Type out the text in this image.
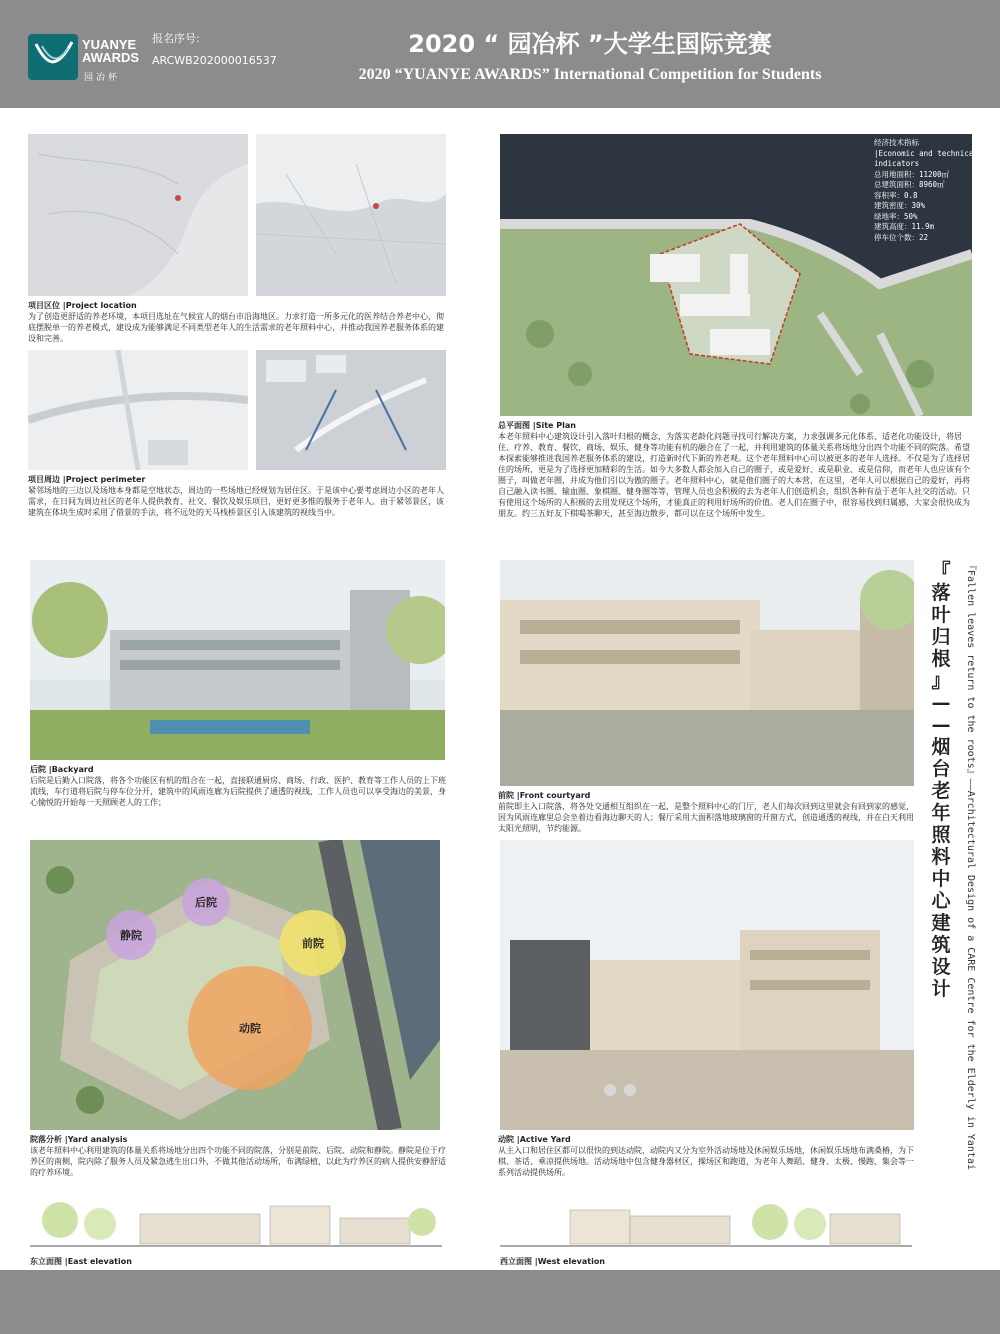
YUANYE
AWARDS
园冶杯
报名序号:
ARCWB202000016537
2020 “ 园冶杯 ”大学生国际竞赛
2020 “YUANYE AWARDS” International Competition for Students
项目区位 |Project location
为了创造更舒适的养老环境，本项目选址在气候宜人的烟台市沿海地区。力求打造一所多元化的医养结合养老中心，彻底摆脱单一的养老模式，建设成为能够满足不同类型老年人的生活需求的老年照料中心，并推动我国养老服务体系的建设和完善。
项目周边 |Project perimeter
紧邻场地的三边以及场地本身都是空地状态，周边的一些场地已经规划为居住区。于是该中心要考虑周边小区的老年人需求，在日间为周边社区的老年人提供教育、社交、餐饮及娱乐项目，更好更多惟的服务于老年人。由于紧邻景区，该建筑在体块生成时采用了借景的手法，将不远处的天马栈桥景区引入该建筑的视线当中。
经济技术指标
|Economic and technical indicators
总用地面积：11200㎡
总建筑面积：8960㎡
容积率：0.8
建筑密度：30%
绿地率：50%
建筑高度：11.9m
停车位个数：22
总平面图 |Site Plan
本老年照料中心建筑设计引入落叶归根的概念，为落实老龄化问题寻找可行解决方案，力求强调多元化体系、适老化功能设计，将居住、疗养、教育、餐饮、商场、娱乐、健身等功能有机的融合在了一起，并利用建筑的体量关系将场地分出四个功能不同的院落。希望本探索能够推进我国养老服务体系的建设，打造新时代下新的养老观。这个老年照料中心可以被更多的老年人选择。不仅是为了选择居住的场所，更是为了选择更加精彩的生活。如今大多数人都会加入自己的圈子，或是爱好、或是职业、或是信仰，而老年人也应该有个圈子，叫做老年圈，并成为他们引以为傲的圈子。老年照料中心，就是他们圈子的大本营，在这里，老年人可以根据自己的爱好，再将自己融入读书圈、输血圈、象棋圈、健身圈等等，管理人员也会积极的去为老年人们创造机会，组织各种有益于老年人社交的活动。只有使用这个场所的人积极的去用发现这个场所，才能真正的利用好场所的价值。老人们在圈子中，很容易找到归属感，大家会很快成为朋友。约三五好友下棋喝茶聊天，甚至海边散步，都可以在这个场所中发生。
后院 |Backyard
后院是后勤入口院落，将各个功能区有机的组合在一起，直接联通厨房、商场、行政、医护、教育等工作人员的上下班流线，车行道将后院与停车位分开，建筑中的风雨连廊为后院提供了通透的视线，工作人员也可以享受海边的美景，身心愉悦的开始每一天照顾老人的工作；
后院
静院
前院
动院
院落分析 |Yard analysis
该老年照料中心利用建筑的体量关系将场地分出四个功能不同的院落，分别是前院、后院、动院和静院。静院是位于疗养区的南侧，院内除了服务人员及紧急逃生出口外，不做其他活动场所，布满绿植，以此为疗养区的病人提供安静舒适的疗养环境。
东立面图 |East elevation
前院 |Front courtyard
前院即主入口院落，将各处交通相互组织在一起，是整个照料中心的门厅，老人们每次回到这里就会有回到家的感觉，因为风雨连廊里总会坐着边看海边聊天的人；餐厅采用大面积落地玻璃窗的开窗方式，创造通透的视线，并在白天利用太阳光照明，节约能源。
动院 |Active Yard
从主入口和居住区都可以很快的到达动院，动院内又分为室外活动场地及休闲娱乐场地，休闲娱乐场地布满桑椿，为下棋、茶话、乘凉提供场地。活动场地中包含健身器材区，操场区和跑道，为老年人舞蹈、健身、太极、慢跑、集会等一系列活动提供场所。
西立面图 |West elevation
『
落
叶
归
根
』
—
—
烟
台
老
年
照
料
中
心
建
筑
设
计	『Fallen leaves return to the roots』——Architectural Design of a CARE Centre for the Elderly in Yantai
